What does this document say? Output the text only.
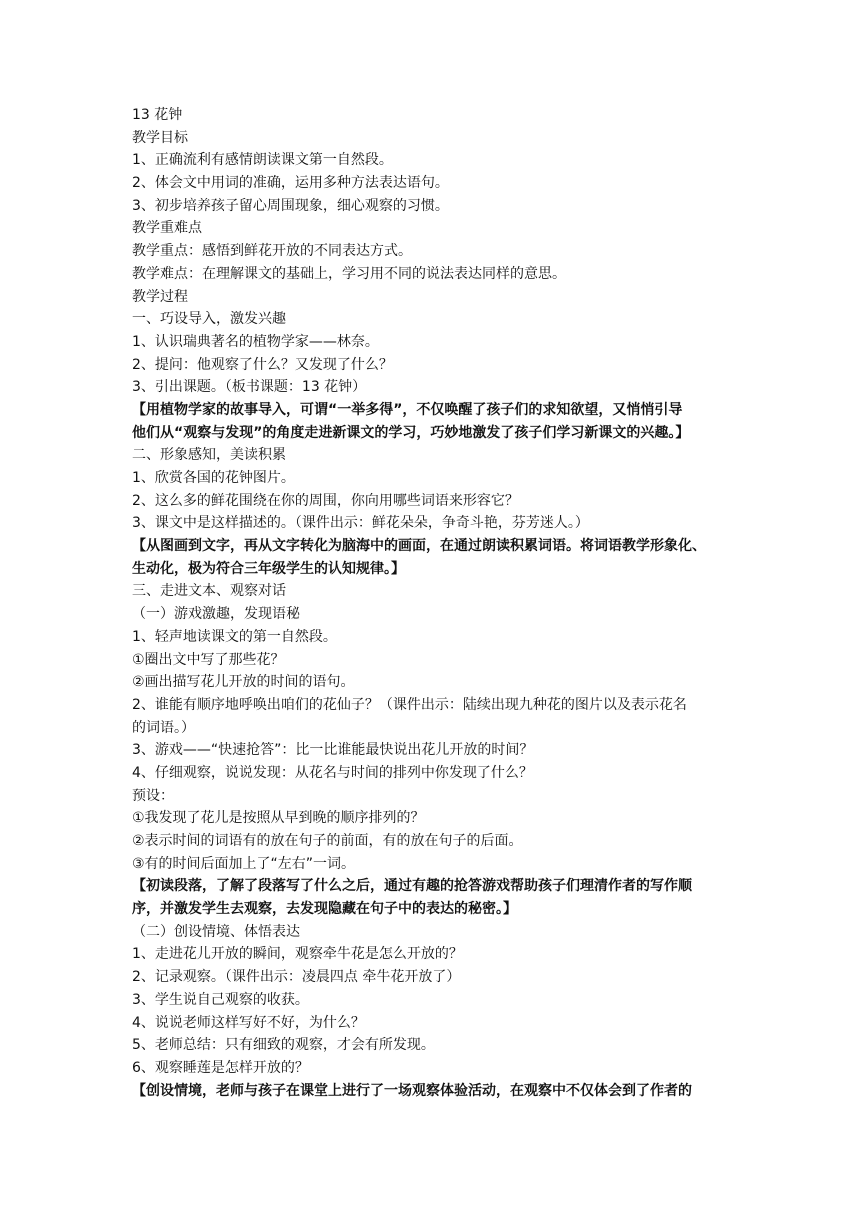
13 花钟
教学目标
1、正确流利有感情朗读课文第一自然段。
2、体会文中用词的准确，运用多种方法表达语句。
3、初步培养孩子留心周围现象，细心观察的习惯。
教学重难点
教学重点：感悟到鲜花开放的不同表达方式。
教学难点：在理解课文的基础上，学习用不同的说法表达同样的意思。
教学过程
一、巧设导入，激发兴趣
1、认识瑞典著名的植物学家——林奈。
2、提问：他观察了什么？又发现了什么？
3、引出课题。（板书课题：13 花钟）
【用植物学家的故事导入，可谓“一举多得”，不仅唤醒了孩子们的求知欲望，又悄悄引导
他们从“观察与发现”的角度走进新课文的学习，巧妙地激发了孩子们学习新课文的兴趣。】
二、形象感知，美读积累
1、欣赏各国的花钟图片。
2、这么多的鲜花围绕在你的周围，你向用哪些词语来形容它？
3、课文中是这样描述的。（课件出示：鲜花朵朵，争奇斗艳，芬芳迷人。）
【从图画到文字，再从文字转化为脑海中的画面，在通过朗读积累词语。将词语教学形象化、
生动化，极为符合三年级学生的认知规律。】
三、走进文本、观察对话
（一）游戏激趣，发现语秘
1、轻声地读课文的第一自然段。
①圈出文中写了那些花？
②画出描写花儿开放的时间的语句。
2、谁能有顺序地呼唤出咱们的花仙子？（课件出示：陆续出现九种花的图片以及表示花名
的词语。）
3、游戏——“快速抢答”：比一比谁能最快说出花儿开放的时间？
4、仔细观察，说说发现：从花名与时间的排列中你发现了什么？
预设：
①我发现了花儿是按照从早到晚的顺序排列的？
②表示时间的词语有的放在句子的前面，有的放在句子的后面。
③有的时间后面加上了“左右”一词。
【初读段落，了解了段落写了什么之后，通过有趣的抢答游戏帮助孩子们理清作者的写作顺
序，并激发学生去观察，去发现隐藏在句子中的表达的秘密。】
（二）创设情境、体悟表达
1、走进花儿开放的瞬间，观察牵牛花是怎么开放的？
2、记录观察。（课件出示：凌晨四点 牵牛花开放了）
3、学生说自己观察的收获。
4、说说老师这样写好不好，为什么？
5、老师总结：只有细致的观察，才会有所发现。
6、观察睡莲是怎样开放的？
【创设情境，老师与孩子在课堂上进行了一场观察体验活动，在观察中不仅体会到了作者的
